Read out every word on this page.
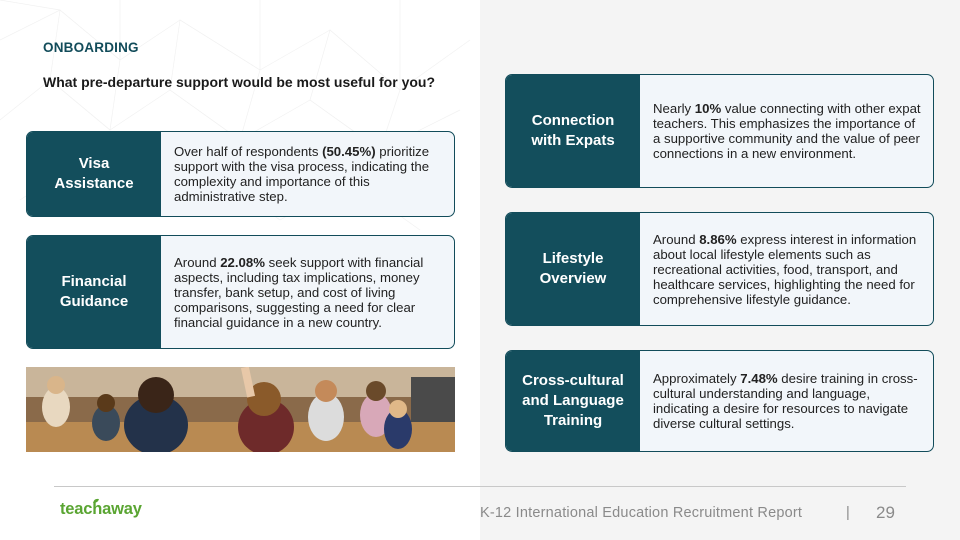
ONBOARDING
What pre-departure support would be most useful for you?
Visa
Assistance
Over half of respondents (50.45%) prioritize support with the visa process, indicating the complexity and importance of this administrative step.
Financial
Guidance
Around 22.08% seek support with financial aspects, including tax implications, money transfer, bank setup, and cost of living comparisons, suggesting a need for clear financial guidance in a new country.
Connection
with Expats
Nearly 10% value connecting with other expat teachers. This emphasizes the importance of a supportive community and the value of peer connections in a new environment.
Lifestyle
Overview
Around 8.86% express interest in information about local lifestyle elements such as recreational activities, food, transport, and healthcare services, highlighting the need for comprehensive lifestyle guidance.
Cross-cultural
and Language
Training
Approximately 7.48% desire training in cross-cultural understanding and language, indicating a desire for resources to navigate diverse cultural settings.
teachaway	K-12 International Education Recruitment Report	| 29
